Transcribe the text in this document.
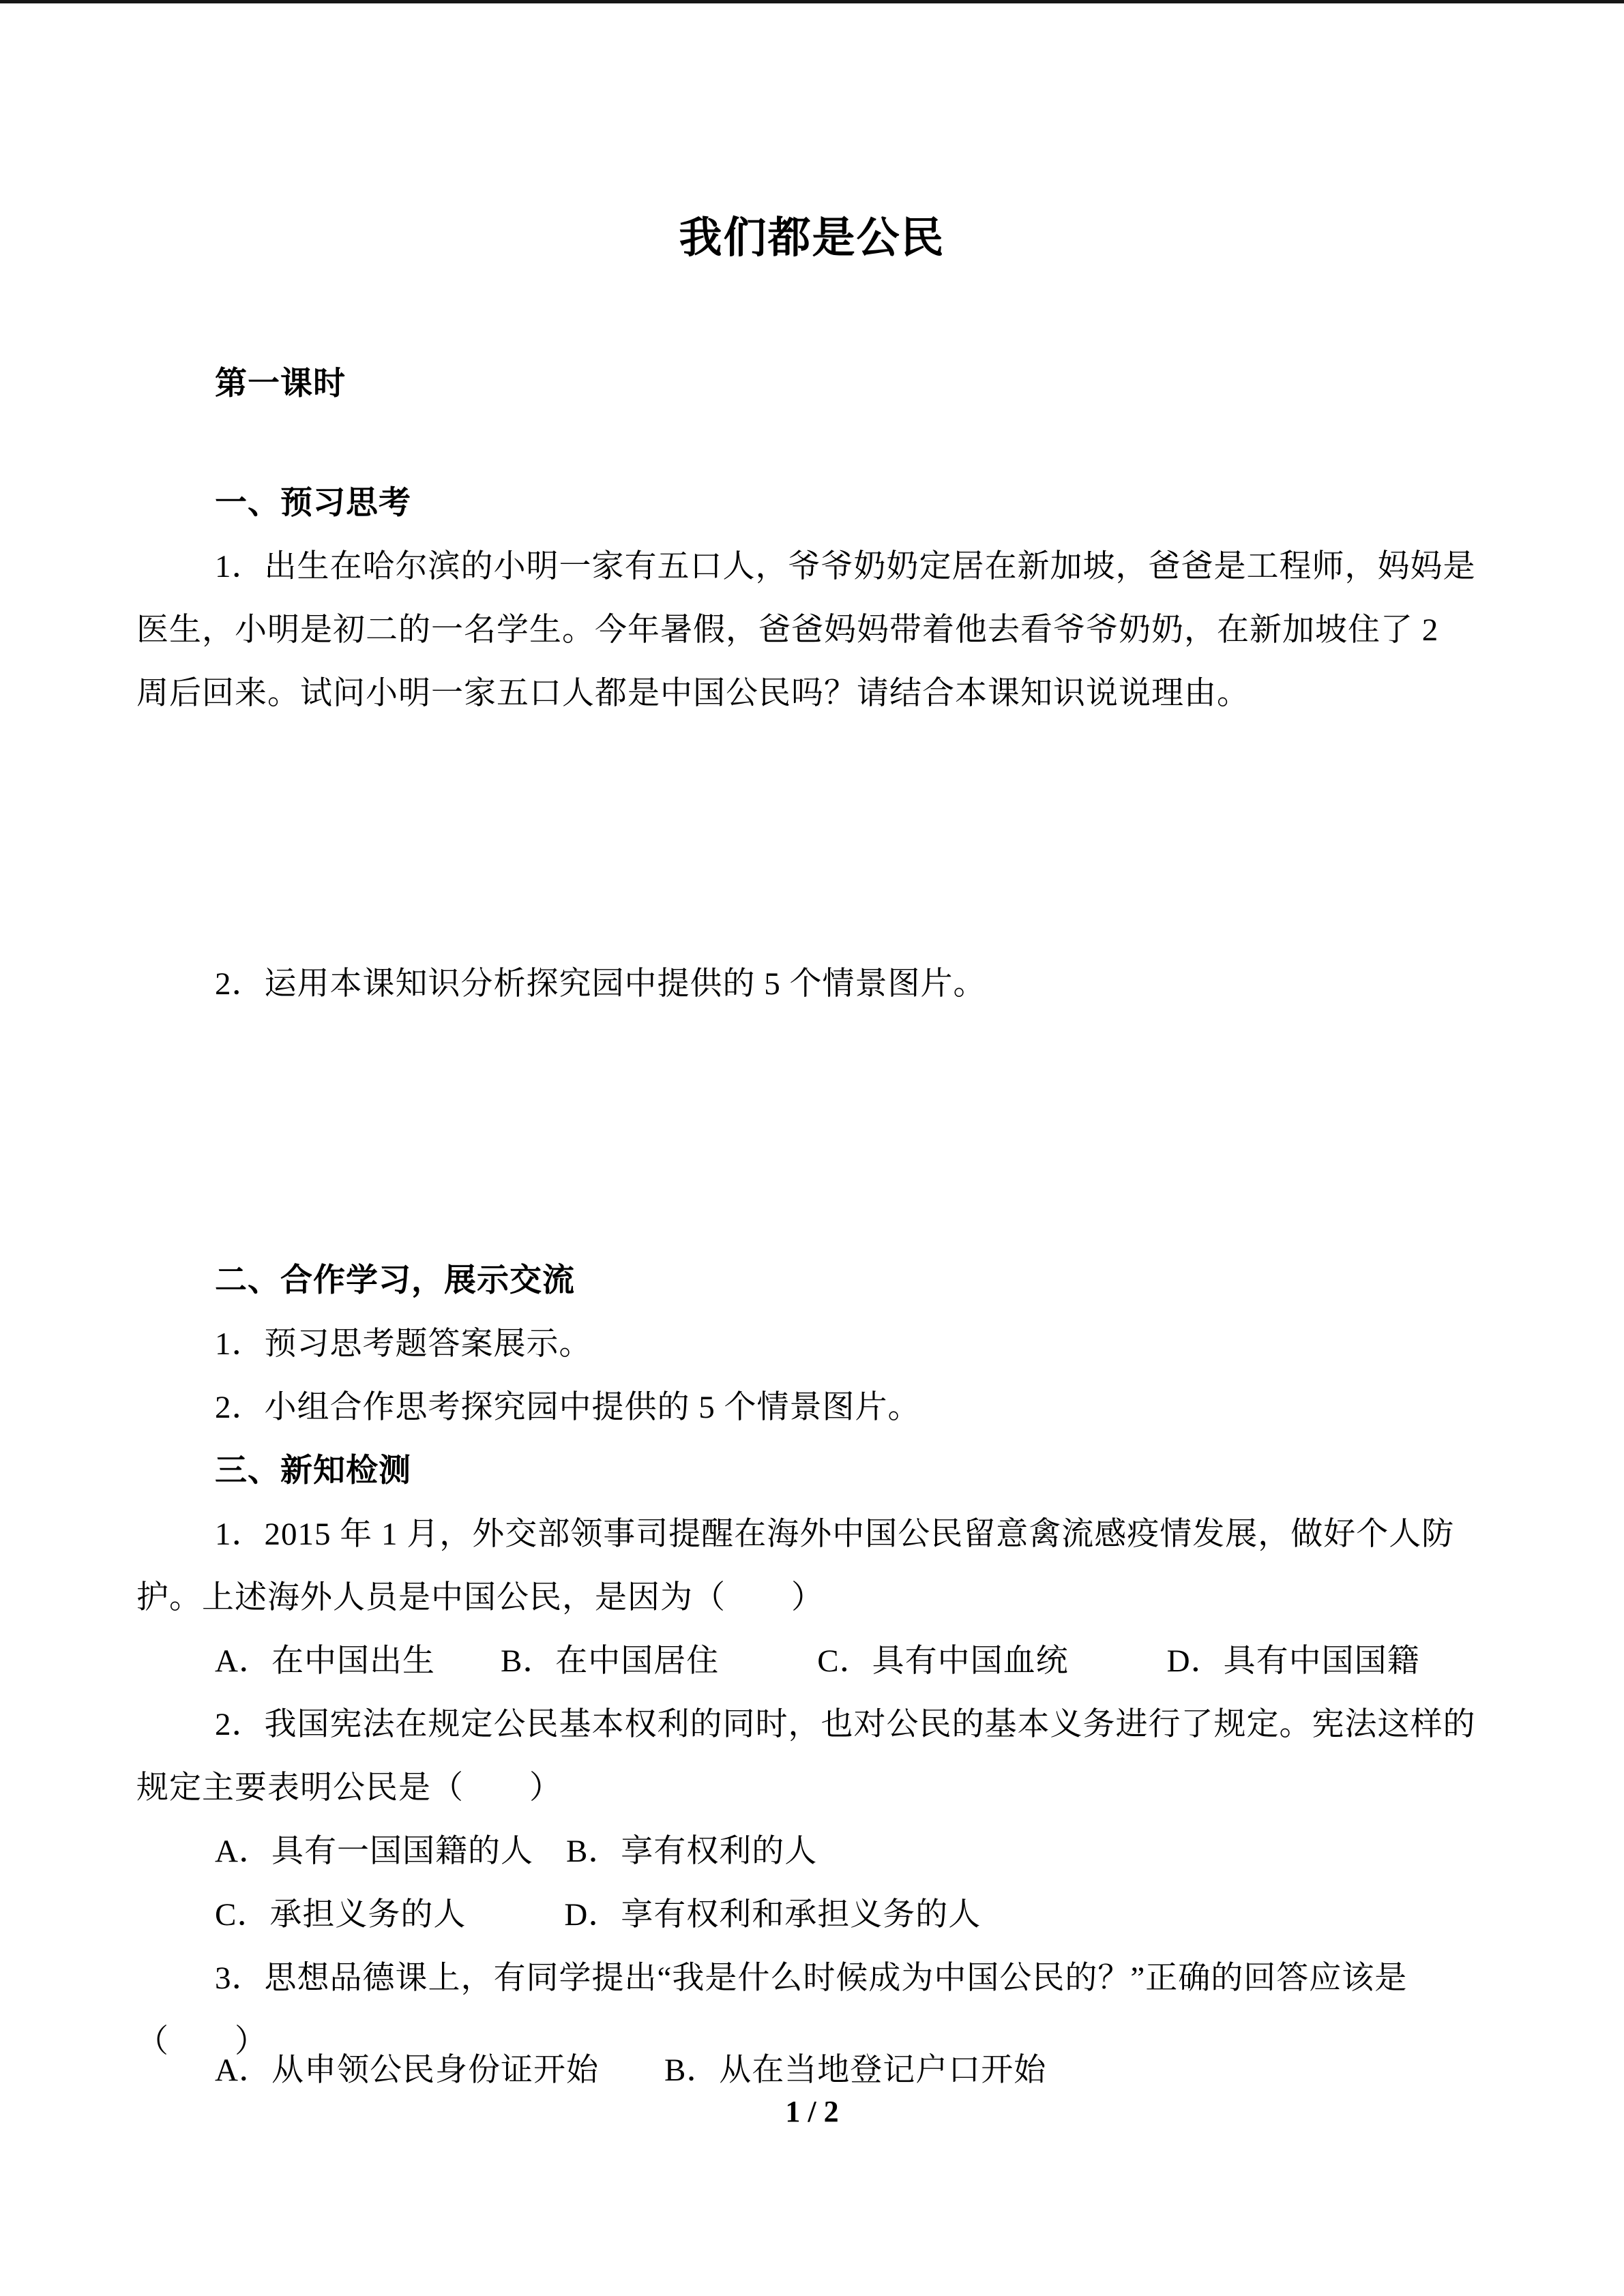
我们都是公民
第一课时
一、预习思考
1．出生在哈尔滨的小明一家有五口人，爷爷奶奶定居在新加坡，爸爸是工程师，妈妈是
医生，小明是初二的一名学生。今年暑假，爸爸妈妈带着他去看爷爷奶奶，在新加坡住了 2
周后回来。试问小明一家五口人都是中国公民吗？请结合本课知识说说理由。
2．运用本课知识分析探究园中提供的 5 个情景图片。
二、合作学习，展示交流
1．预习思考题答案展示。
2．小组合作思考探究园中提供的 5 个情景图片。
三、新知检测
1．2015 年 1 月，外交部领事司提醒在海外中国公民留意禽流感疫情发展，做好个人防
护。上述海外人员是中国公民，是因为（　　）
A．在中国出生　　B．在中国居住　　　C．具有中国血统　　　D．具有中国国籍
2．我国宪法在规定公民基本权利的同时，也对公民的基本义务进行了规定。宪法这样的
规定主要表明公民是（　　）
A．具有一国国籍的人　B．享有权利的人
C．承担义务的人　　　D．享有权利和承担义务的人
3．思想品德课上，有同学提出“我是什么时候成为中国公民的？”正确的回答应该是
（　　）
A．从申领公民身份证开始　　B．从在当地登记户口开始
1 / 2
